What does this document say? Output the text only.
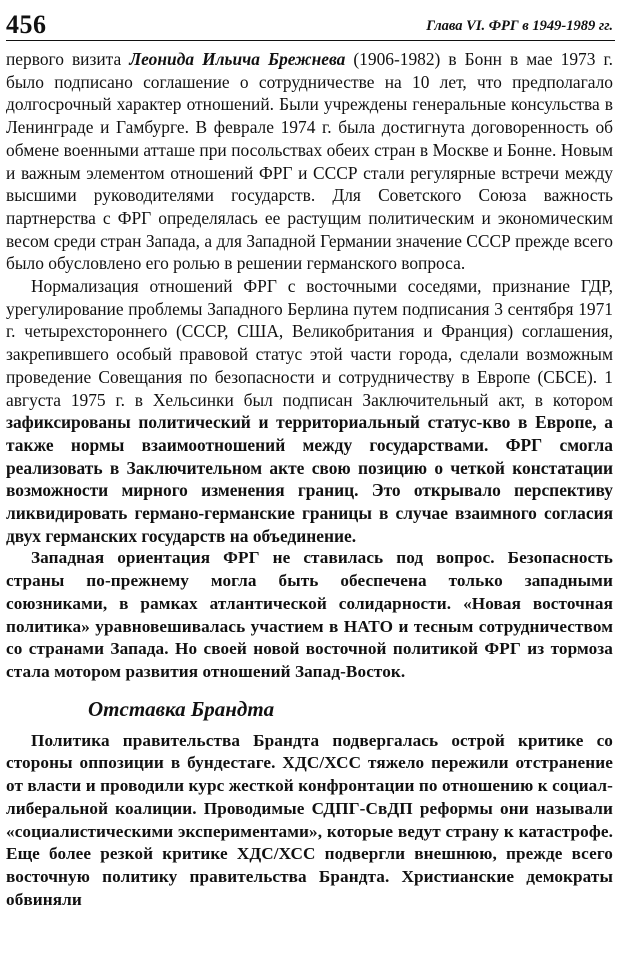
456	Глава VI. ФРГ в 1949-1989 гг.

первого визита Леонида Ильича Брежнева (1906-1982) в Бонн в мае 1973 г. было подписано соглашение о сотрудничестве на 10 лет, что предполагало долгосрочный характер отношений. Были учреждены генеральные консульства в Ленинграде и Гамбурге. В феврале 1974 г. была достигнута договоренность об обмене военными атташе при посольствах обеих стран в Москве и Бонне. Новым и важным элементом отношений ФРГ и СССР стали регулярные встречи между высшими руководителями государств. Для Советского Союза важность партнерства с ФРГ определялась ее растущим политическим и экономическим весом среди стран Запада, а для Западной Германии значение СССР прежде всего было обусловлено его ролью в решении германского вопроса.

Нормализация отношений ФРГ с восточными соседями, признание ГДР, урегулирование проблемы Западного Берлина путем подписания 3 сентября 1971 г. четырехстороннего (СССР, США, Великобритания и Франция) соглашения, закрепившего особый правовой статус этой части города, сделали возможным проведение Совещания по безопасности и сотрудничеству в Европе (СБСЕ). 1 августа 1975 г. в Хельсинки был подписан Заключительный акт, в котором зафиксированы политический и территориальный статус-кво в Европе, а также нормы взаимоотношений между государствами. ФРГ смогла реализовать в Заключительном акте свою позицию о четкой констатации возможности мирного изменения границ. Это открывало перспективу ликвидировать германо-германские границы в случае взаимного согласия двух германских государств на объединение.

Западная ориентация ФРГ не ставилась под вопрос. Безопасность страны по-прежнему могла быть обеспечена только западными союзниками, в рамках атлантической солидарности. «Новая восточная политика» уравновешивалась участием в НАТО и тесным сотрудничеством со странами Запада. Но своей новой восточной политикой ФРГ из тормоза стала мотором развития отношений Запад-Восток.

Отставка Брандта

Политика правительства Брандта подвергалась острой критике со стороны оппозиции в бундестаге. ХДС/ХСС тяжело пережили отстранение от власти и проводили курс жесткой конфронтации по отношению к социал-либеральной коалиции. Проводимые СДПГ-СвДП реформы они называли «социалистическими экспериментами», которые ведут страну к катастрофе. Еще более резкой критике ХДС/ХСС подвергли внешнюю, прежде всего восточную политику правительства Брандта. Христианские демократы обвиняли
